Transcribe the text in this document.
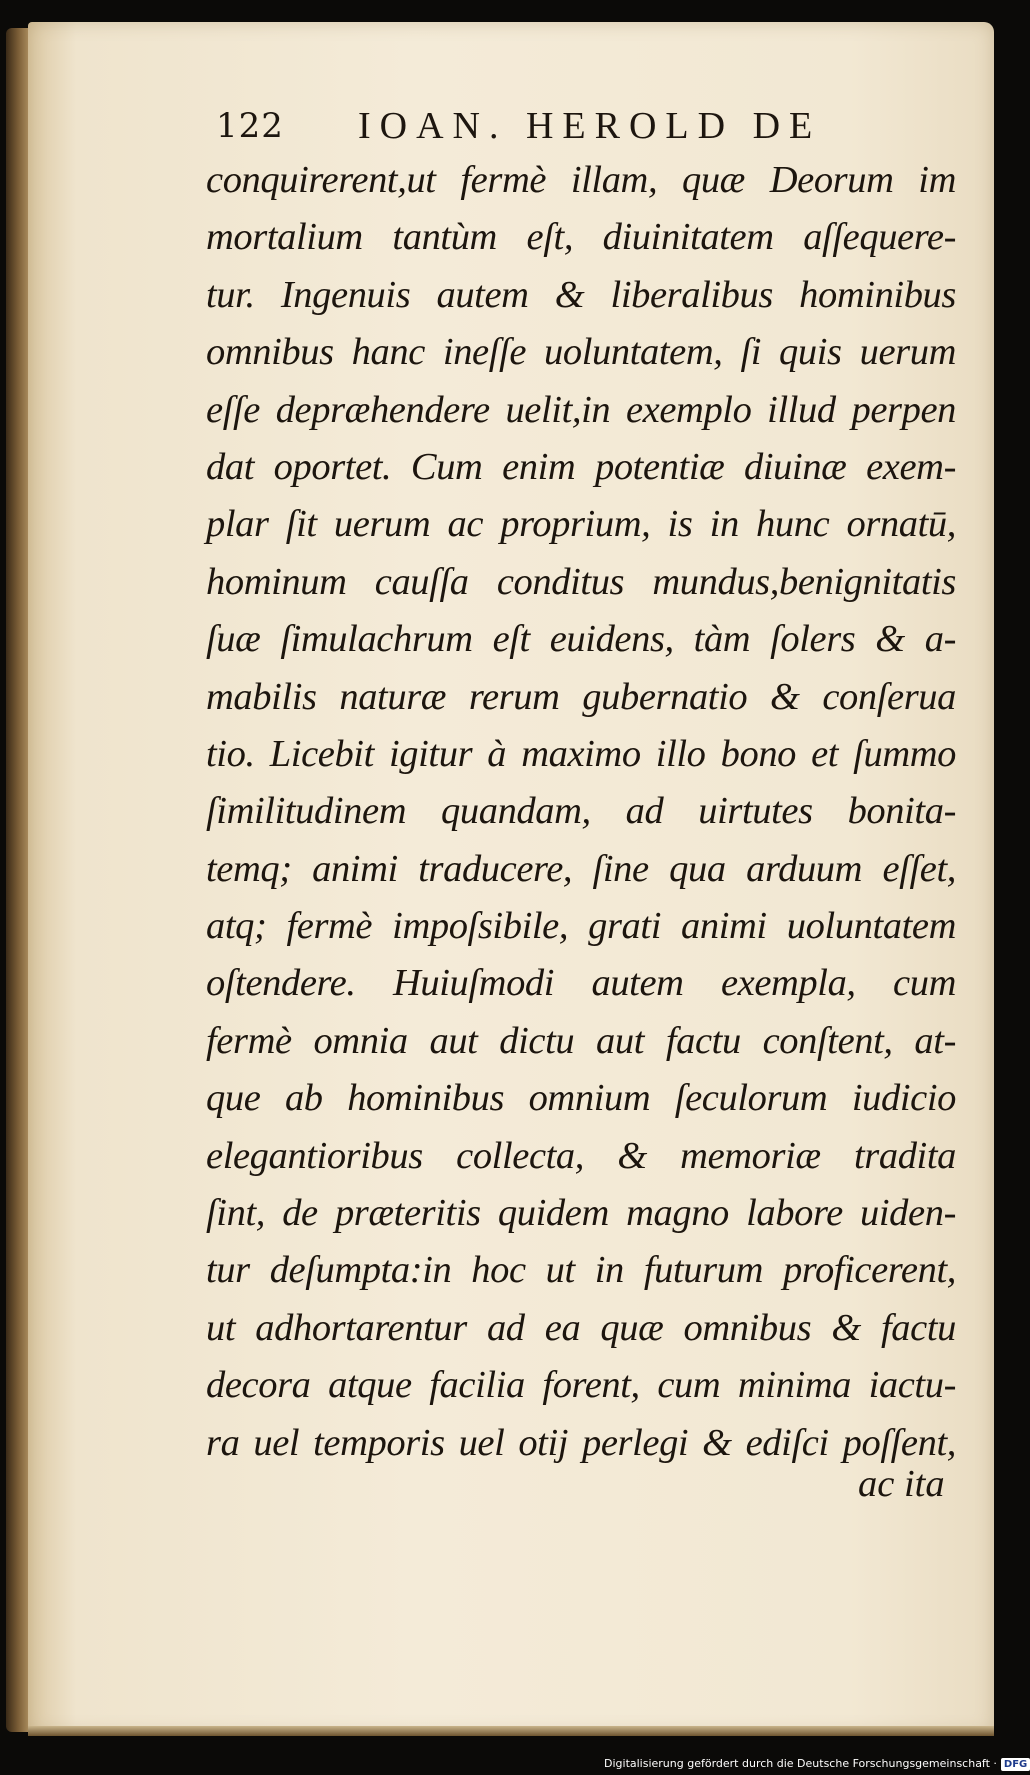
122 IOAN. HEROLD DE
conquirerent,ut fermè illam, quæ Deorum im
mortalium tantùm eſt, diuinitatem aſſequere-
tur. Ingenuis autem & liberalibus hominibus
omnibus hanc ineſſe uoluntatem, ſi quis uerum
eſſe depræhendere uelit,in exemplo illud perpen
dat oportet. Cum enim potentiæ diuinæ exem-
plar ſit uerum ac proprium, is in hunc ornatū,
hominum cauſſa conditus mundus,benignitatis
ſuæ ſimulachrum eſt euidens, tàm ſolers & a-
mabilis naturæ rerum gubernatio & conſerua
tio. Licebit igitur à maximo illo bono et ſummo
ſimilitudinem quandam, ad uirtutes bonita-
temq; animi traducere, ſine qua arduum eſſet,
atq; fermè impoſsibile, grati animi uoluntatem
oſtendere. Huiuſmodi autem exempla, cum
fermè omnia aut dictu aut factu conſtent, at-
que ab hominibus omnium ſeculorum iudicio
elegantioribus collecta, & memoriæ tradita
ſint, de præteritis quidem magno labore uiden-
tur deſumpta:in hoc ut in futurum proficerent,
ut adhortarentur ad ea quæ omnibus & factu
decora atque facilia forent, cum minima iactu-
ra uel temporis uel otij perlegi & ediſci poſſent,
ac ita
Digitalisierung gefördert durch die Deutsche Forschungsgemeinschaft · DFG
